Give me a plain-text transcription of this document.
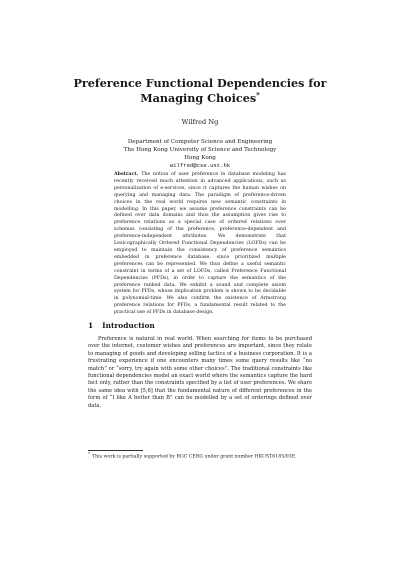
Preference Functional Dependencies for
Managing Choices*
Wilfred Ng
Department of Computer Science and Engineering
The Hong Kong University of Science and Technology
Hong Kong
wilfred@cse.ust.hk
Abstract. The notion of user preference in database modeling has recently received much attention in advanced applications, such as personalization of e-services, since it captures the human wishes on querying and managing data. The paradigm of preference-driven choices in the real world requires new semantic constraints in modelling. In this paper, we assume preference constraints can be defined over data domains and thus the assumption gives rise to preference relations as a special case of ordered relations over schemas consisting of the preference, preference-dependent and preference-independent attributes. We demonstrate that Lexicographically Ordered Functional Dependencies (LOFDs) can be employed to maintain the consistency of preference semantics embedded in preference database, since prioritized multiple preferences can be represented. We thus define a useful semantic constraint in terms of a set of LOFDs, called Preference Functional Dependencies (PFDs), in order to capture the semantics of the preference ranked data. We exhibit a sound and complete axiom system for PFDs, whose implication problem is shown to be decidable in polynomial-time. We also confirm the existence of Armstrong preference relations for PFDs, a fundamental result related to the practical use of PFDs in database design.
1 Introduction
Preference is natural in real world. When searching for items to be purchased over the internet, customer wishes and preferences are important, since they relate to managing of goods and developing selling tactics of a business corporation. It is a frustrating experience if one encounters many times some query results like “no match” or “sorry, try again with some other choices”. The traditional constraints like functional dependencies model an exact world where the semantics capture the hard fact only, rather than the constraints specified by a list of user preferences. We share the same idea with [5,6] that the fundamental nature of different preferences in the form of “I like A better than B” can be modelled by a set of orderings defined over data.
*This work is partially supported by RGC CERG under grant number HKUST6185/03E.
